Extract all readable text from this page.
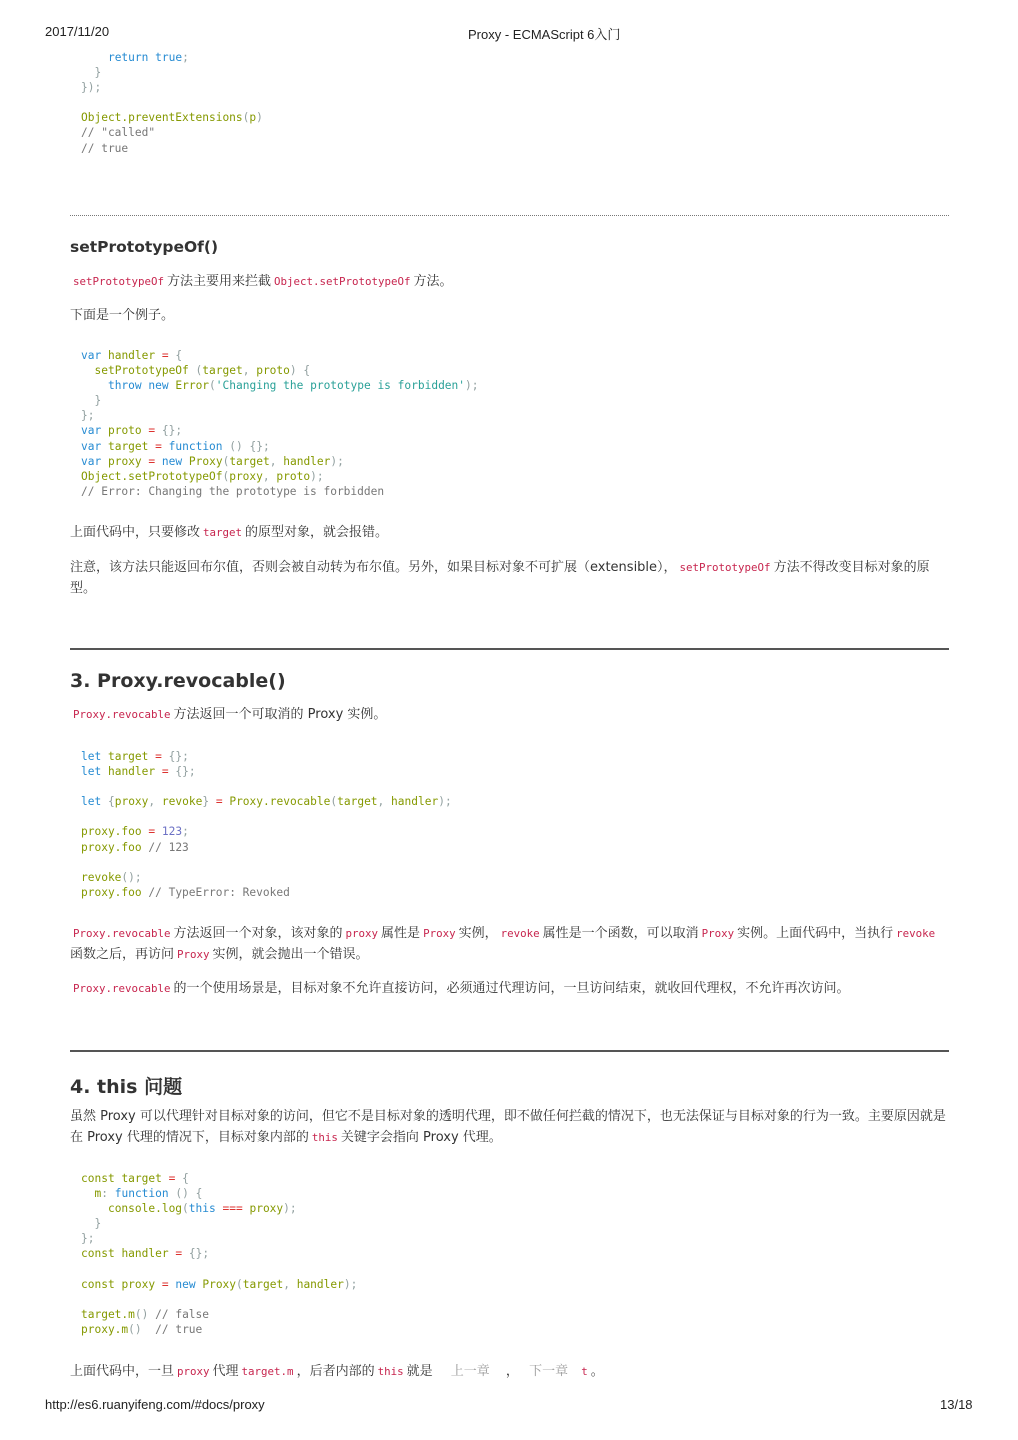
2017/11/20	Proxy - ECMAScript 6入门
return true;
}
});

Object.preventExtensions(p)
// "called"
// true
setPrototypeOf()
setPrototypeOf 方法主要用来拦截 Object.setPrototypeOf 方法。
下面是一个例子。
var handler = {
setPrototypeOf (target, proto) {
throw new Error('Changing the prototype is forbidden');
}
};
var proto = {};
var target = function () {};
var proxy = new Proxy(target, handler);
Object.setPrototypeOf(proxy, proto);
// Error: Changing the prototype is forbidden
上面代码中，只要修改 target 的原型对象，就会报错。
注意，该方法只能返回布尔值，否则会被自动转为布尔值。另外，如果目标对象不可扩展（extensible）， setPrototypeOf 方法不得改变目标对象的原型。
3. Proxy.revocable()
Proxy.revocable 方法返回一个可取消的 Proxy 实例。
let target = {};
let handler = {};

let {proxy, revoke} = Proxy.revocable(target, handler);

proxy.foo = 123;
proxy.foo // 123

revoke();
proxy.foo // TypeError: Revoked
Proxy.revocable 方法返回一个对象，该对象的 proxy 属性是 Proxy 实例， revoke 属性是一个函数，可以取消 Proxy 实例。上面代码中，当执行 revoke函数之后，再访问 Proxy 实例，就会抛出一个错误。
Proxy.revocable 的一个使用场景是，目标对象不允许直接访问，必须通过代理访问，一旦访问结束，就收回代理权，不允许再次访问。
4. this 问题
虽然 Proxy 可以代理针对目标对象的访问，但它不是目标对象的透明代理，即不做任何拦截的情况下，也无法保证与目标对象的行为一致。主要原因就是在 Proxy 代理的情况下，目标对象内部的 this 关键字会指向 Proxy 代理。
const target = {
m: function () {
console.log(this === proxy);
}
};
const handler = {};

const proxy = new Proxy(target, handler);

target.m() // false
proxy.m() // true
上面代码中，一旦 proxy 代理 target.m ，后者内部的 this 就是 上一章 ， 下一章 t 。
http://es6.ruanyifeng.com/#docs/proxy	13/18
